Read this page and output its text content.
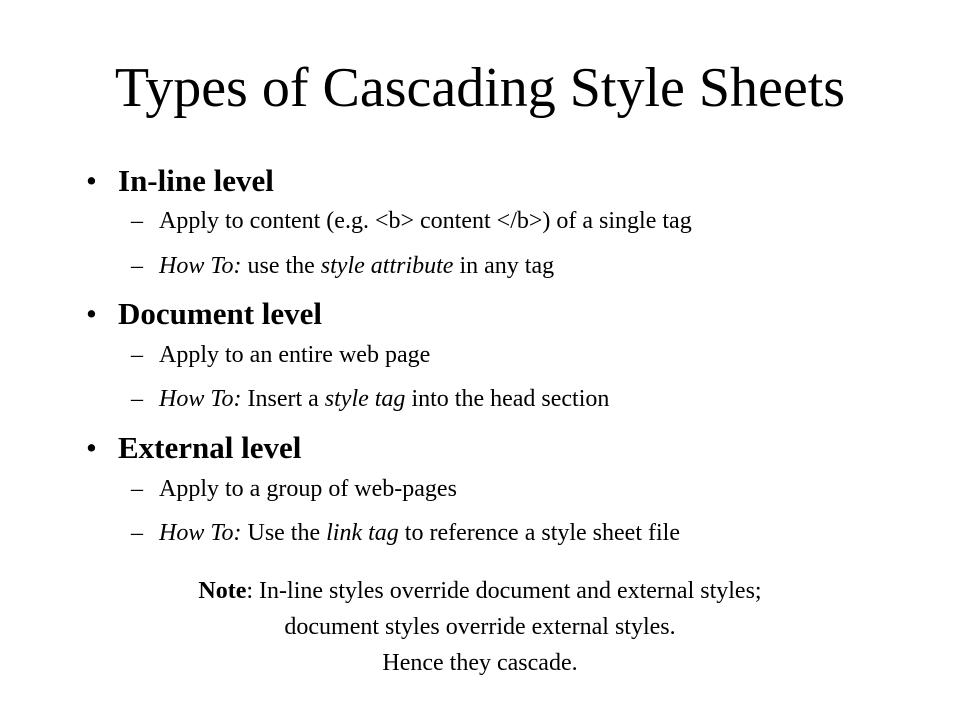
Types of Cascading Style Sheets
• In-line level
– Apply to content (e.g. <b> content </b>) of a single tag
– How To: use the style attribute in any tag
• Document level
– Apply to an entire web page
– How To: Insert a style tag into the head section
• External level
– Apply to a group of web-pages
– How To: Use the link tag to reference a style sheet file
Note: In-line styles override document and external styles;
document styles override external styles.
Hence they cascade.
